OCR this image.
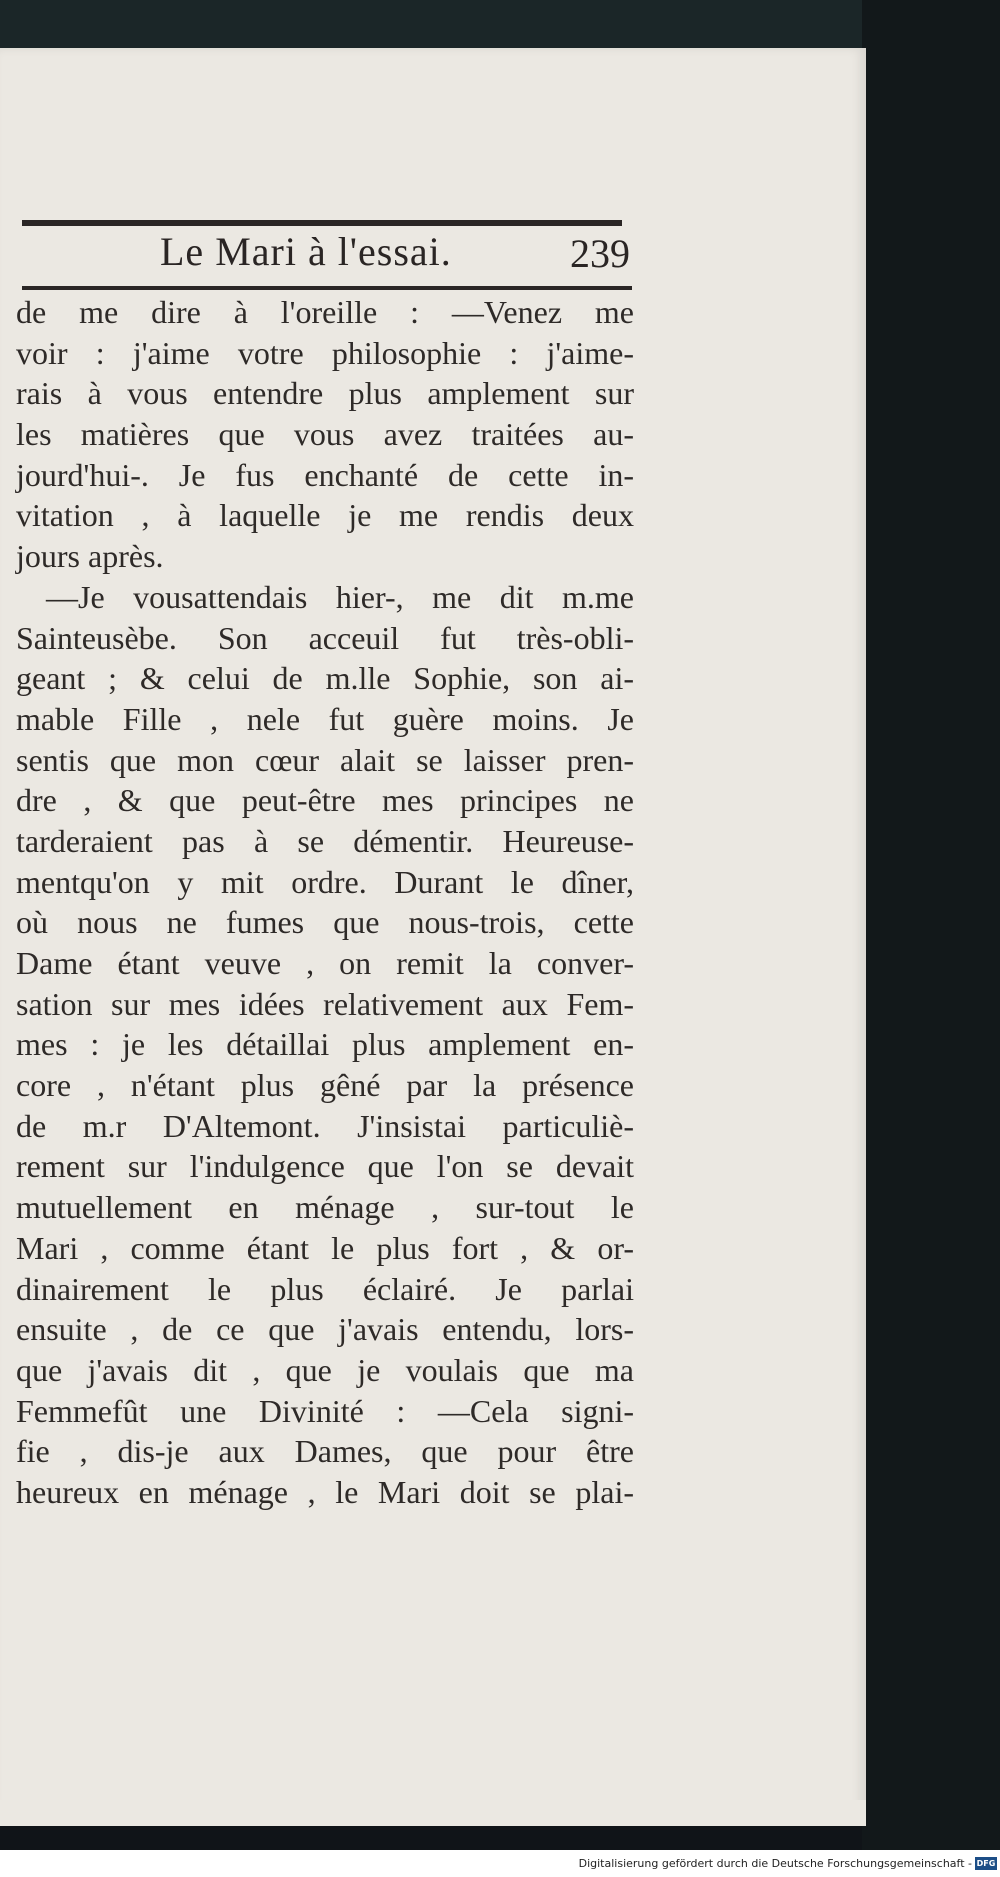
Le Mari à l'essai.	239
de me dire à l'oreille : —Venez me
voir : j'aime votre philosophie : j'aime-
rais à vous entendre plus amplement sur
les matières que vous avez traitées au-
jourd'hui-. Je fus enchanté de cette in-
vitation , à laquelle je me rendis deux
jours après.
—Je vousattendais hier-, me dit m.me
Sainteusèbe. Son acceuil fut très-obli-
geant ; & celui de m.lle Sophie, son ai-
mable Fille , nele fut guère moins. Je
sentis que mon cœur alait se laisser pren-
dre , & que peut-être mes principes ne
tarderaient pas à se démentir. Heureuse-
mentqu'on y mit ordre. Durant le dîner,
où nous ne fumes que nous-trois, cette
Dame étant veuve , on remit la conver-
sation sur mes idées relativement aux Fem-
mes : je les détaillai plus amplement en-
core , n'étant plus gêné par la présence
de m.r D'Altemont. J'insistai particuliè-
rement sur l'indulgence que l'on se devait
mutuellement en ménage , sur-tout le
Mari , comme étant le plus fort , & or-
dinairement le plus éclairé. Je parlai
ensuite , de ce que j'avais entendu, lors-
que j'avais dit , que je voulais que ma
Femmefût une Divinité : —Cela signi-
fie , dis-je aux Dames, que pour être
heureux en ménage , le Mari doit se plai-
Digitalisierung gefördert durch die Deutsche Forschungsgemeinschaft - DFG
